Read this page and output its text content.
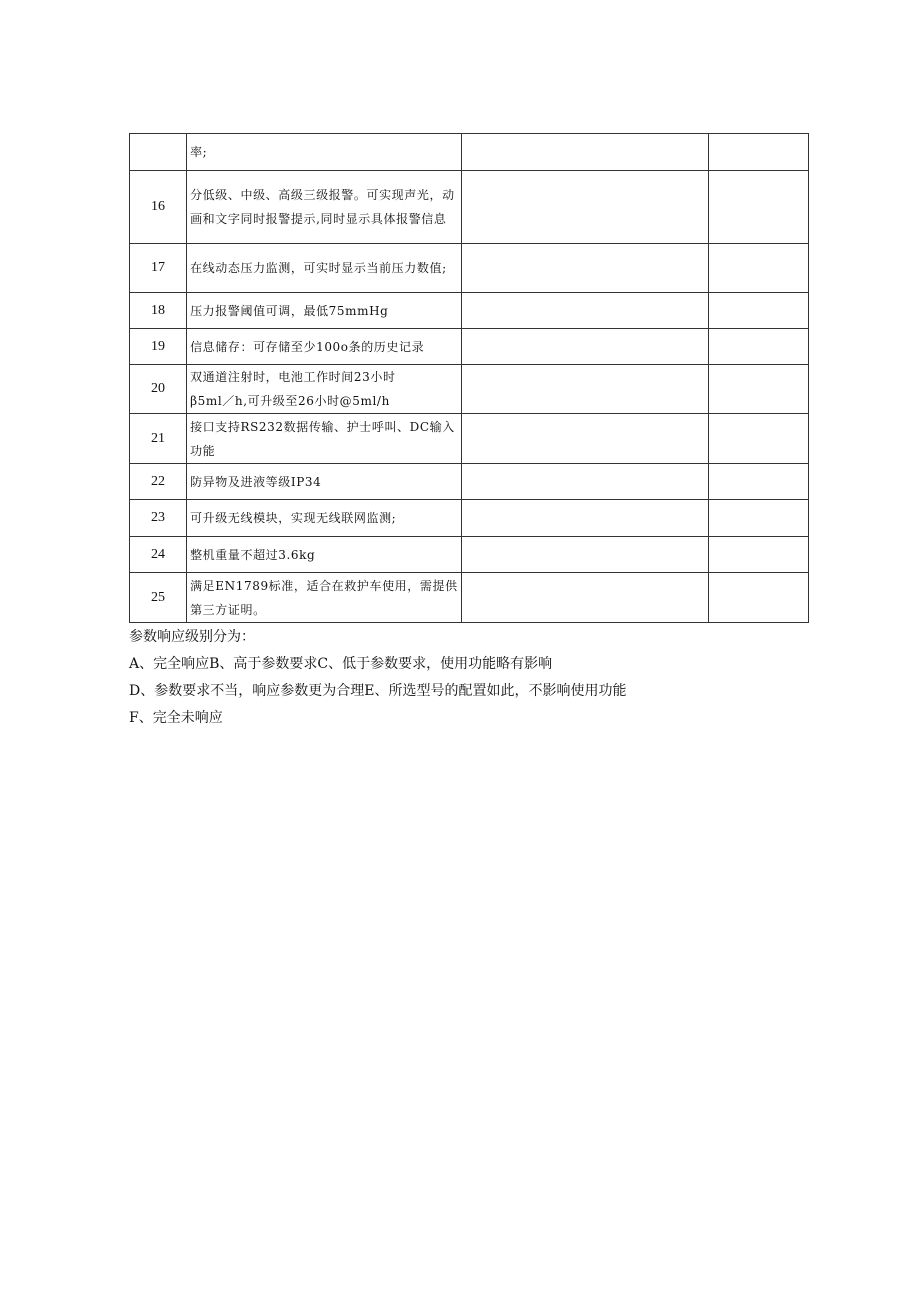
	率;		

16	分低级、中级、高级三级报警。可实现声光，动
画和文字同时报警提示,同时显示具体报警信息		

17	在线动态压力监测，可实时显示当前压力数值;		

18	压力报警阈值可调，最低75mmHg		

19	信息储存：可存储至少100o条的历史记录		

20	双通道注射时，电池工作时间23小时
β5ml／h,可升级至26小时@5ml/h		

21	接口支持RS232数据传输、护士呼叫、DC输入
功能		

22	防异物及进液等级IP34		

23	可升级无线模块，实现无线联网监测;		

24	整机重量不超过3.6kg		

25	满足EN1789标准，适合在救护车使用，需提供
第三方证明。		

参数响应级别分为：
A、完全响应B、高于参数要求C、低于参数要求，使用功能略有影响
D、参数要求不当，响应参数更为合理E、所选型号的配置如此，不影响使用功能
F、完全未响应
